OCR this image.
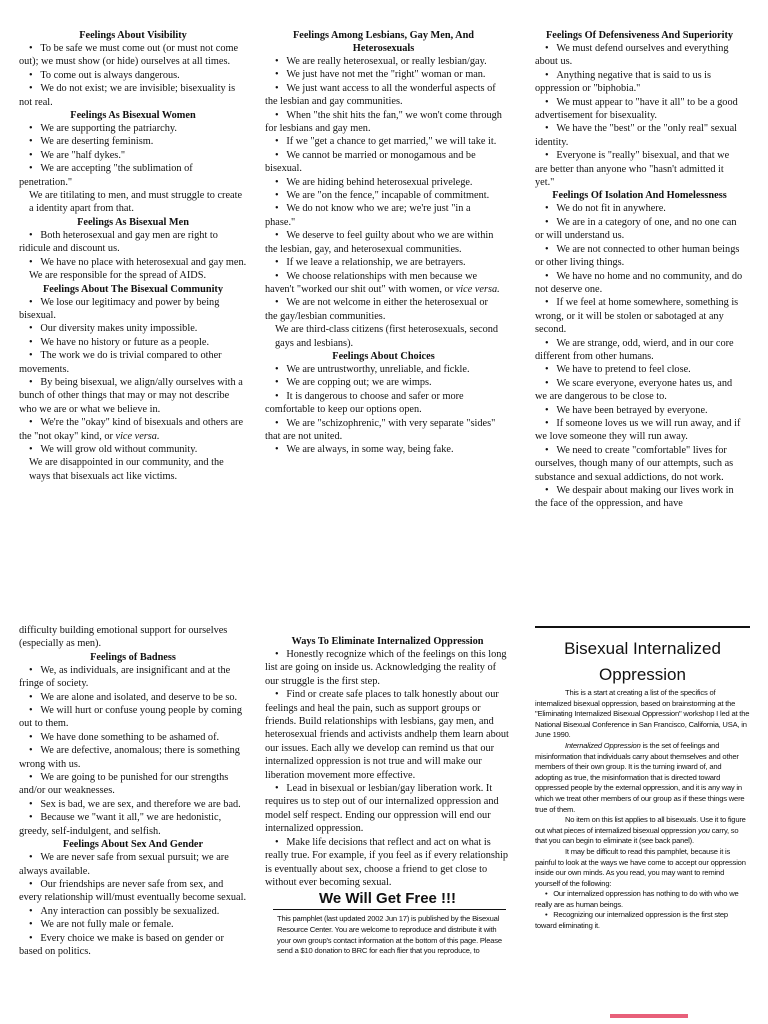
Feelings About Visibility

•   To be safe we must come out (or must not come out); we must show (or hide) ourselves at all times.

•   To come out is always dangerous.

•   We do not exist; we are invisible; bisexuality is not real.

Feelings As Bisexual Women

•   We are supporting the patriarchy.

•   We are deserting feminism.

•   We are "half dykes."

•   We are accepting "the sublimation of penetration."

We are titilating to men, and must struggle to create a identity apart from that.

Feelings As Bisexual Men

•   Both heterosexual and gay men are right to ridicule and discount us.

•   We have no place with heterosexual and gay men.

We are responsible for the spread of AIDS.

Feelings About The Bisexual Community

•   We lose our legitimacy and power by being bisexual.

•   Our diversity makes unity impossible.

•   We have no history or future as a people.

•   The work we do is trivial compared to other movements.

•   By being bisexual, we align/ally ourselves with a bunch of other things that may or may not describe who we are or what we believe in.

•   We're the "okay" kind of bisexuals and others are the "not okay" kind, or vice versa.

•   We will grow old without community.

We are disappointed in our community, and the ways that bisexuals act like victims.

Feelings Among Lesbians, Gay Men, And Heterosexuals

•   We are really heterosexual, or really lesbian/gay.

•   We just have not met the "right" woman or man.

•   We just want access to all the wonderful aspects of the lesbian and gay communities.

•   When "the shit hits the fan," we won't come through for lesbians and gay men.

•   If we "get a chance to get married," we will take it.

•   We cannot be married or monogamous and be bisexual.

•   We are hiding behind heterosexual privelege.

•   We are "on the fence," incapable of commitment.

•   We do not know who we are; we're just "in a phase."

•   We deserve to feel guilty about who we are within the lesbian, gay, and heterosexual communities.

•   If we leave a relationship, we are betrayers.

•   We choose relationships with men because we haven't "worked our shit out" with women, or vice versa.

•   We are not welcome in either the heterosexual or the gay/lesbian communities.

We are third-class citizens (first heterosexuals, second gays and lesbians).

Feelings About Choices

•   We are untrustworthy, unreliable, and fickle.

•   We are copping out; we are wimps.

•   It is dangerous to choose and safer or more comfortable to keep our options open.

•   We are "schizophrenic," with very separate "sides" that are not united.

•   We are always, in some way, being fake.

Feelings Of Defensiveness And Superiority

•   We must defend ourselves and everything about us.

•   Anything negative that is said to us is oppression or "biphobia."

•   We must appear to "have it all" to be a good advertisement for bisexuality.

•   We have the "best" or the "only real" sexual identity.

•   Everyone is "really" bisexual, and that we are better than anyone who "hasn't admitted it yet."

Feelings Of Isolation And Homelessness

•   We do not fit in anywhere.

•   We are in a category of one, and no one can or will understand us.

•   We are not connected to other human beings or other living things.

•   We have no home and no community, and do not deserve one.

•   If we feel at home somewhere, something is wrong, or it will be stolen or sabotaged at any second.

•   We are strange, odd, wierd, and in our core different from other humans.

•   We have to pretend to feel close.

•   We scare everyone, everyone hates us, and we are dangerous to be close to.

•   We have been betrayed by everyone.

•   If someone loves us we will run away, and if we love someone they will run away.

•   We need to create "comfortable" lives for ourselves, though many of our attempts, such as substance and sexual addictions, do not work.

•   We despair about making our lives work in the face of the oppression, and have

difficulty building emotional support for ourselves (especially as men).

Feelings of Badness

•   We, as individuals, are insignificant and at the fringe of society.

•   We are alone and isolated, and deserve to be so.

•   We will hurt or confuse young people by coming out to them.

•   We have done something to be ashamed of.

•   We are defective, anomalous; there is something wrong with us.

•   We are going to be punished for our strengths and/or our weaknesses.

•   Sex is bad, we are sex, and therefore we are bad.

•   Because we "want it all," we are hedonistic, greedy, self-indulgent, and selfish.

Feelings About Sex And Gender

•   We are never safe from sexual pursuit; we are always available.

•   Our friendships are never safe from sex, and every relationship will/must eventually become sexual.

•   Any interaction can possibly be sexualized.

•   We are not fully male or female.

•   Every choice we make is based on gender or based on politics.

Ways To Eliminate Internalized Oppression

•   Honestly recognize which of the feelings on this long list are going on inside us. Acknowledging the reality of our struggle is the first step.

•   Find or create safe places to talk honestly about our feelings and heal the pain, such as support groups or friends. Build relationships with lesbians, gay men, and heterosexual friends and activists andhelp them learn about our issues. Each ally we develop can remind us that our internalized oppression is not true and will make our liberation movement more effective.

•   Lead in bisexual or lesbian/gay liberation work. It requires us to step out of our internalized oppression and model self respect. Ending our oppression will end our internalized oppression.

•   Make life decisions that reflect and act on what is really true. For example, if you feel as if every relationship is eventually about sex, choose a friend to get close to without ever becoming sexual.

We Will Get Free !!!

This pamphlet (last updated 2002 Jun 17) is published by the Bisexual Resource Center. You are welcome to reproduce and distribute it with your own group's contact information at the bottom of this page. Please send a $10 donation to BRC for each flier that you reproduce, to

Bisexual Internalized Oppression

This is a start at creating a list of the specifics of internalized bisexual oppression, based on brainstorming at the "Eliminating Internalized Bisexual Oppression" workshop I led at the National Bisexual Conference in San Francisco, California, USA, in June 1990.

Internalized Oppression is the set of feelings and misinformation that individuals carry about themselves and other members of their own group. It is the turning inward of, and adopting as true, the misinformation that is directed toward oppressed people by the external oppression, and it is any way in which we treat other members of our group as if these things were true of them.

No item on this list applies to all bisexuals. Use it to figure out what pieces of internalized bisexual oppression you carry, so that you can begin to eliminate it (see back panel).

It may be difficult to read this pamphlet, because it is painful to look at the ways we have come to accept our oppression inside our own minds. As you read, you may want to remind yourself of the following:

•   Our internalized oppression has nothing to do with who we really are as human beings.

•   Recognizing our internalized oppression is the first step toward eliminating it.
